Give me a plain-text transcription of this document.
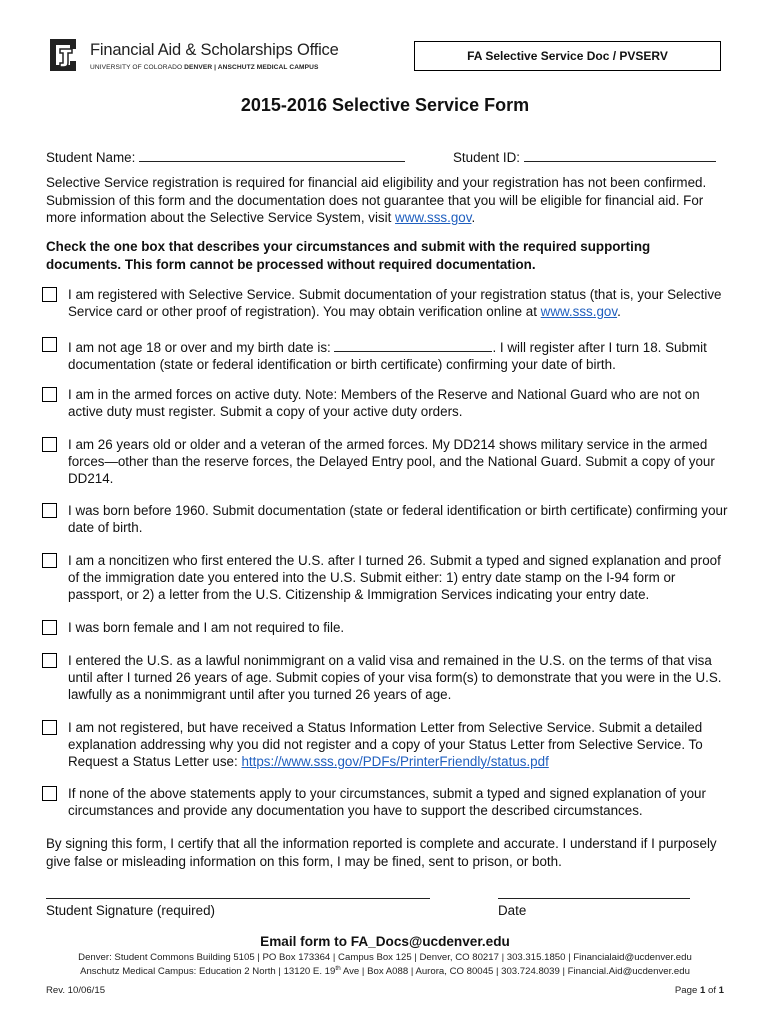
Financial Aid & Scholarships Office
UNIVERSITY OF COLORADO DENVER | ANSCHUTZ MEDICAL CAMPUS
FA Selective Service Doc / PVSERV
2015-2016 Selective Service Form
Student Name:	Student ID:
Selective Service registration is required for financial aid eligibility and your registration has not been confirmed. Submission of this form and the documentation does not guarantee that you will be eligible for financial aid. For more information about the Selective Service System, visit www.sss.gov.
Check the one box that describes your circumstances and submit with the required supporting documents. This form cannot be processed without required documentation.
I am registered with Selective Service. Submit documentation of your registration status (that is, your Selective Service card or other proof of registration). You may obtain verification online at www.sss.gov.
I am not age 18 or over and my birth date is:	. I will register after I turn 18. Submit documentation (state or federal identification or birth certificate) confirming your date of birth.
I am in the armed forces on active duty. Note: Members of the Reserve and National Guard who are not on active duty must register. Submit a copy of your active duty orders.
I am 26 years old or older and a veteran of the armed forces. My DD214 shows military service in the armed forces—other than the reserve forces, the Delayed Entry pool, and the National Guard. Submit a copy of your DD214.
I was born before 1960. Submit documentation (state or federal identification or birth certificate) confirming your date of birth.
I am a noncitizen who first entered the U.S. after I turned 26. Submit a typed and signed explanation and proof of the immigration date you entered into the U.S. Submit either: 1) entry date stamp on the I-94 form or passport, or 2) a letter from the U.S. Citizenship & Immigration Services indicating your entry date.
I was born female and I am not required to file.
I entered the U.S. as a lawful nonimmigrant on a valid visa and remained in the U.S. on the terms of that visa until after I turned 26 years of age. Submit copies of your visa form(s) to demonstrate that you were in the U.S. lawfully as a nonimmigrant until after you turned 26 years of age.
I am not registered, but have received a Status Information Letter from Selective Service. Submit a detailed explanation addressing why you did not register and a copy of your Status Letter from Selective Service. To Request a Status Letter use: https://www.sss.gov/PDFs/PrinterFriendly/status.pdf
If none of the above statements apply to your circumstances, submit a typed and signed explanation of your circumstances and provide any documentation you have to support the described circumstances.
By signing this form, I certify that all the information reported is complete and accurate. I understand if I purposely give false or misleading information on this form, I may be fined, sent to prison, or both.
Student Signature (required)	Date
Email form to FA_Docs@ucdenver.edu
Denver: Student Commons Building 5105 | PO Box 173364 | Campus Box 125 | Denver, CO 80217 | 303.315.1850 | Financialaid@ucdenver.edu
Anschutz Medical Campus: Education 2 North | 13120 E. 19th Ave | Box A088 | Aurora, CO 80045 | 303.724.8039 | Financial.Aid@ucdenver.edu
Rev. 10/06/15	Page 1 of 1
